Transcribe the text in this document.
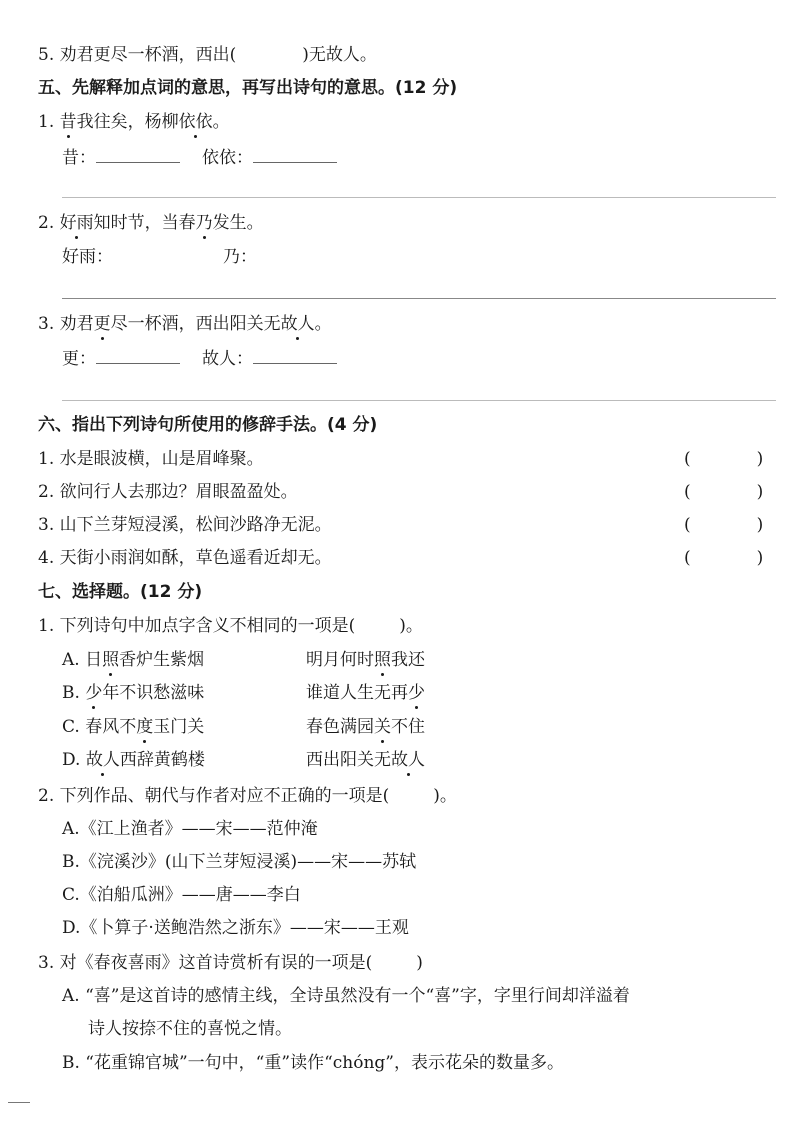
5. 劝君更尽一杯酒，西出(	)无故人。
五、先解释加点词的意思，再写出诗句的意思。(12 分)
1. 昔我往矣，杨柳依依。
昔：	依依：
2. 好雨知时节，当春乃发生。
好雨：	乃：
3. 劝君更尽一杯酒，西出阳关无故人。
更：	故人：
六、指出下列诗句所使用的修辞手法。(4 分)
1. 水是眼波横，山是眉峰聚。	(	)
2. 欲问行人去那边？眉眼盈盈处。	(	)
3. 山下兰芽短浸溪，松间沙路净无泥。	(	)
4. 天街小雨润如酥，草色遥看近却无。	(	)
七、选择题。(12 分)
1. 下列诗句中加点字含义不相同的一项是(	)。
A. 日照香炉生紫烟	明月何时照我还
B. 少年不识愁滋味	谁道人生无再少
C. 春风不度玉门关	春色满园关不住
D. 故人西辞黄鹤楼	西出阳关无故人
2. 下列作品、朝代与作者对应不正确的一项是(	)。
A.《江上渔者》——宋——范仲淹
B.《浣溪沙》(山下兰芽短浸溪)——宋——苏轼
C.《泊船瓜洲》——唐——李白
D.《卜算子·送鲍浩然之浙东》——宋——王观
3. 对《春夜喜雨》这首诗赏析有误的一项是(	)
A. “喜”是这首诗的感情主线，全诗虽然没有一个“喜”字，字里行间却洋溢着
诗人按捺不住的喜悦之情。
B. “花重锦官城”一句中，“重”读作“chóng”，表示花朵的数量多。
